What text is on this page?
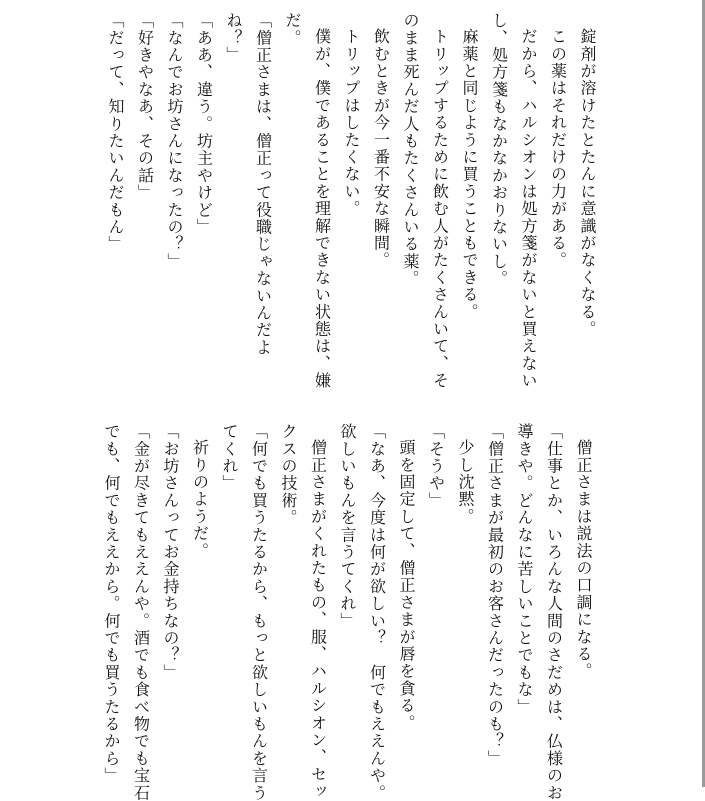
錠剤が溶けたとたんに意識がなくなる。
この薬はそれだけの力がある。
だから、ハルシオンは処方箋がないと買えない
し、処方箋もなかなかおりないし。
麻薬と同じように買うこともできる。
トリップするために飲む人がたくさんいて、そ
のまま死んだ人もたくさんいる薬。
飲むときが今一番不安な瞬間。
トリップはしたくない。
僕が、僕であることを理解できない状態は、嫌
だ。
「僧正さまは、僧正って役職じゃないんだよ
ね？」
「ああ、違う。坊主やけど」
「なんでお坊さんになったの？」
「好きやなあ、その話」
「だって、知りたいんだもん」
僧正さまは説法の口調になる。
「仕事とか、いろんな人間のさだめは、仏様のお
導きや。どんなに苦しいことでもな」
「僧正さまが最初のお客さんだったのも？」
少し沈黙。
「そうや」
頭を固定して、僧正さまが唇を貪る。
「なあ、今度は何が欲しい？　何でもええんや。
欲しいもんを言うてくれ」
僧正さまがくれたもの、服、ハルシオン、セッ
クスの技術。
「何でも買うたるから、もっと欲しいもんを言う
てくれ」
祈りのようだ。
「お坊さんってお金持ちなの？」
「金が尽きてもええんや。酒でも食べ物でも宝石
でも、何でもええから。何でも買うたるから」
